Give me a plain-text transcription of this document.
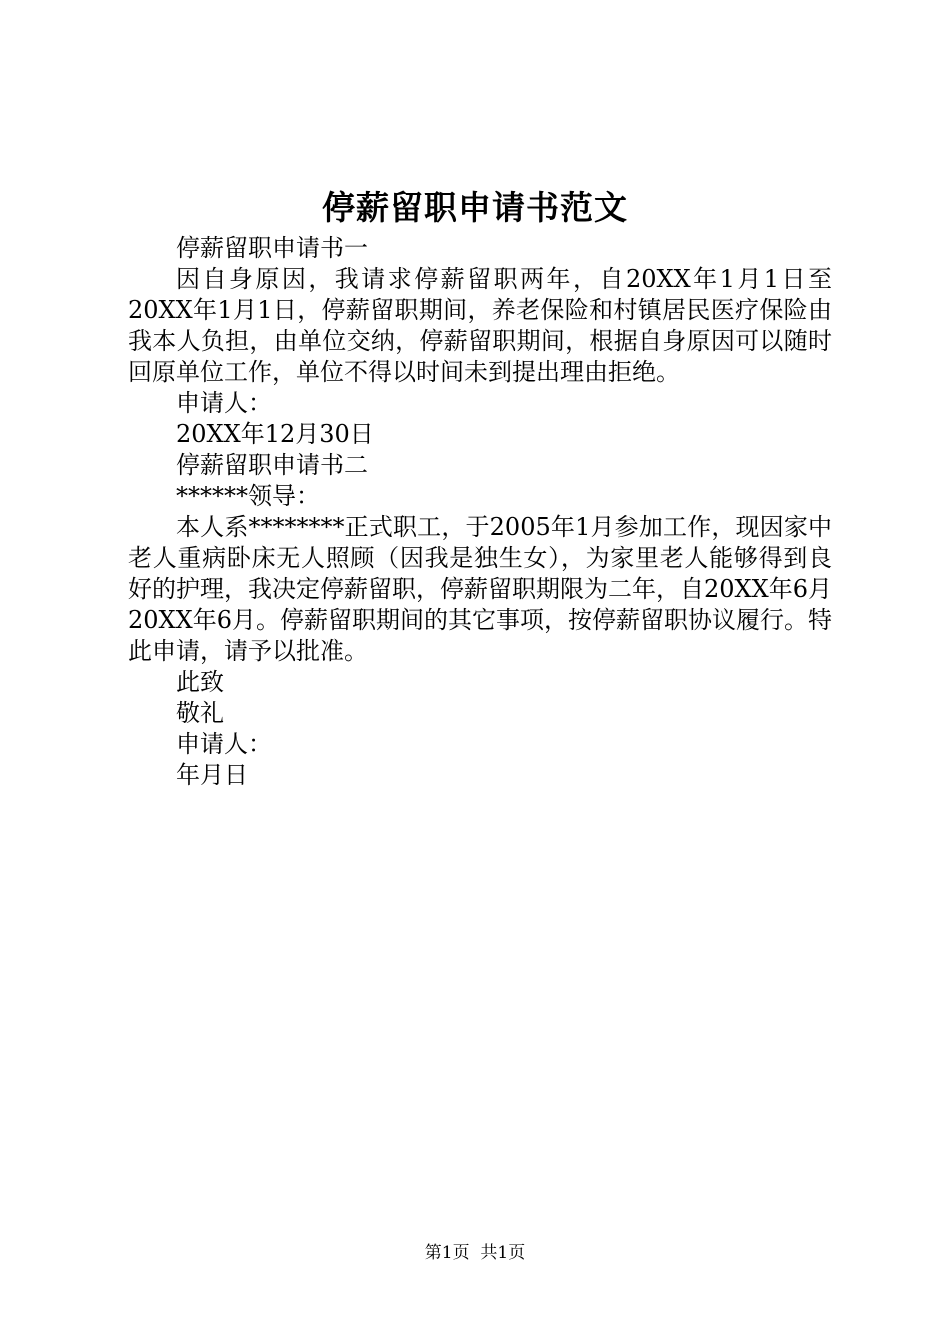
停薪留职申请书范文

停薪留职申请书一

因自身原因，我请求停薪留职两年，自20XX年1月1日至20XX年1月1日，停薪留职期间，养老保险和村镇居民医疗保险由我本人负担，由单位交纳，停薪留职期间，根据自身原因可以随时回原单位工作，单位不得以时间未到提出理由拒绝。

申请人：

20XX年12月30日

停薪留职申请书二

******领导：

本人系********正式职工，于2005年1月参加工作，现因家中老人重病卧床无人照顾（因我是独生女），为家里老人能够得到良好的护理，我决定停薪留职，停薪留职期限为二年，自20XX年6月20XX年6月。停薪留职期间的其它事项，按停薪留职协议履行。特此申请，请予以批准。

此致

敬礼

申请人：

年月日

第1页 共1页
